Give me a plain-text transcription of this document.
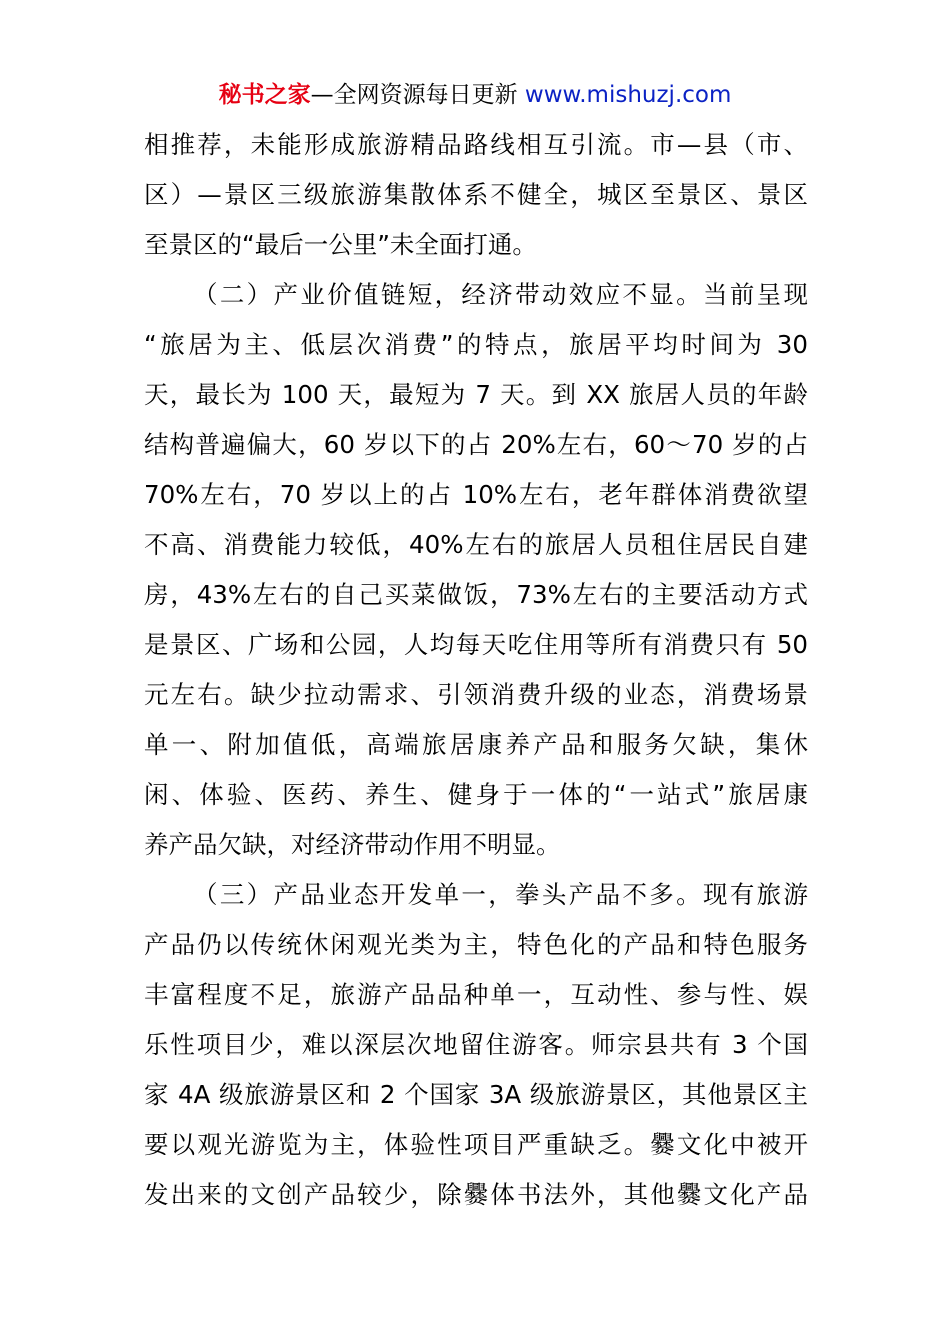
秘书之家—全网资源每日更新 www.mishuzj.com
相推荐，未能形成旅游精品路线相互引流。市—县（市、
区）—景区三级旅游集散体系不健全，城区至景区、景区
至景区的“最后一公里”未全面打通。
（二）产业价值链短，经济带动效应不显。当前呈现
“旅居为主、低层次消费”的特点，旅居平均时间为 30
天，最长为 100 天，最短为 7 天。到 XX 旅居人员的年龄
结构普遍偏大，60 岁以下的占 20%左右，60～70 岁的占
70%左右，70 岁以上的占 10%左右，老年群体消费欲望
不高、消费能力较低，40%左右的旅居人员租住居民自建
房，43%左右的自己买菜做饭，73%左右的主要活动方式
是景区、广场和公园，人均每天吃住用等所有消费只有 50
元左右。缺少拉动需求、引领消费升级的业态，消费场景
单一、附加值低，高端旅居康养产品和服务欠缺，集休
闲、体验、医药、养生、健身于一体的“一站式”旅居康
养产品欠缺，对经济带动作用不明显。
（三）产品业态开发单一，拳头产品不多。现有旅游
产品仍以传统休闲观光类为主，特色化的产品和特色服务
丰富程度不足，旅游产品品种单一，互动性、参与性、娱
乐性项目少，难以深层次地留住游客。师宗县共有 3 个国
家 4A 级旅游景区和 2 个国家 3A 级旅游景区，其他景区主
要以观光游览为主，体验性项目严重缺乏。爨文化中被开
发出来的文创产品较少，除爨体书法外，其他爨文化产品
